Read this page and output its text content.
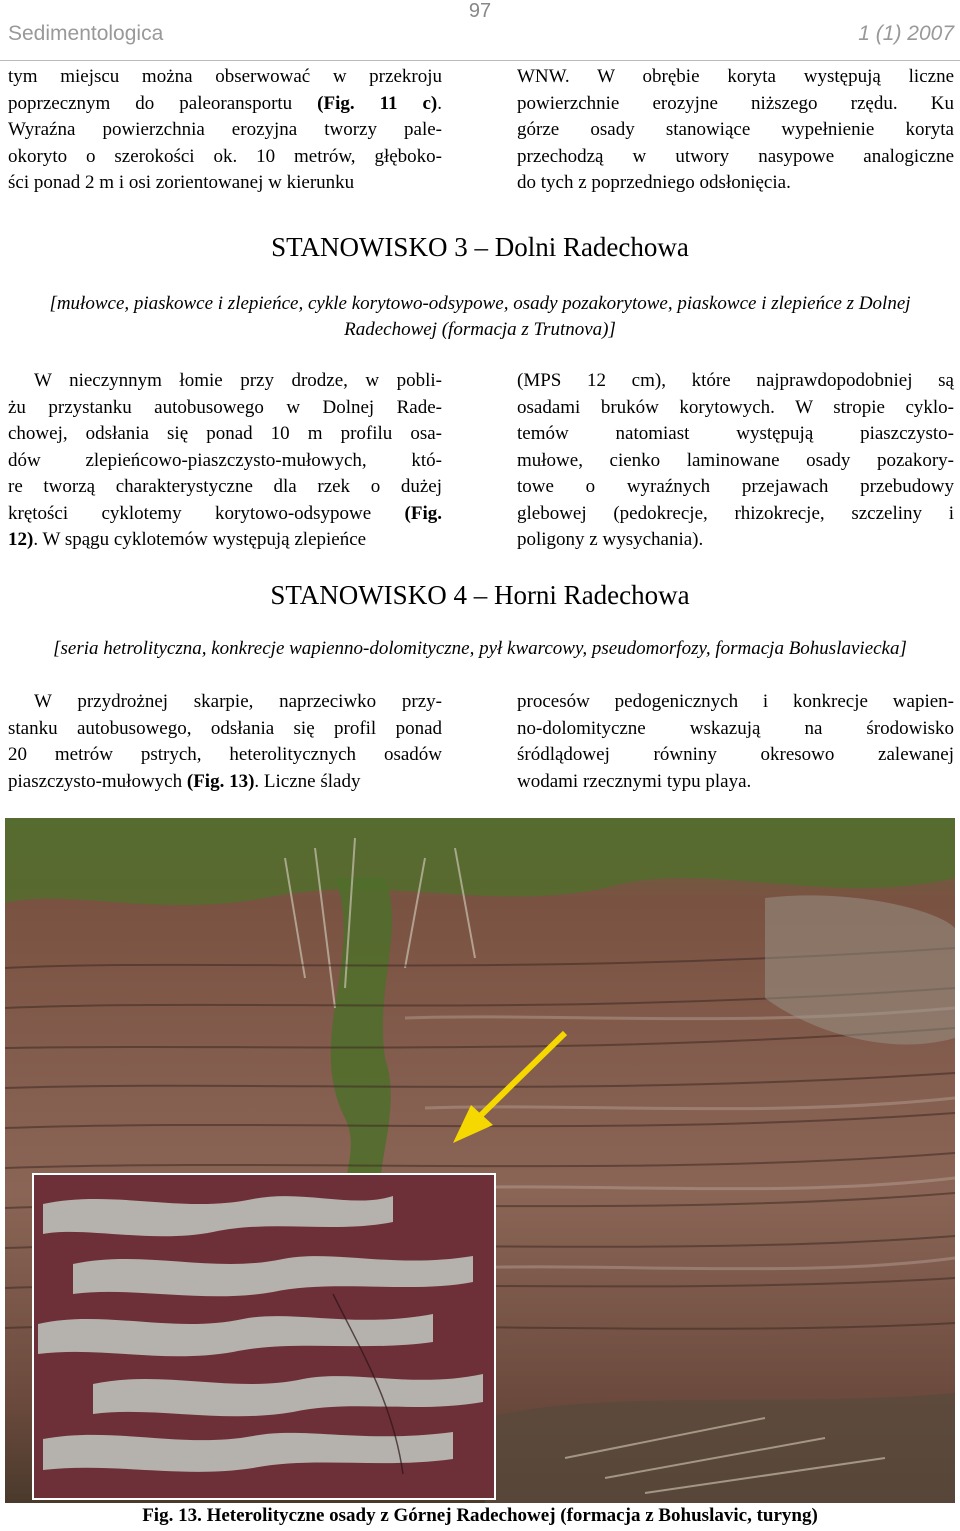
Sedimentologica
97
1 (1) 2007
tym miejscu można obserwować w przekroju
poprzecznym do paleoransportu (Fig. 11 c).
Wyraźna powierzchnia erozyjna tworzy pale-
okoryto o szerokości ok. 10 metrów, głęboko-
ści ponad 2 m i osi zorientowanej w kierunku
WNW. W obrębie koryta występują liczne
powierzchnie erozyjne niższego rzędu. Ku
górze osady stanowiące wypełnienie koryta
przechodzą w utwory nasypowe analogiczne
do tych z poprzedniego odsłonięcia.
STANOWISKO 3 – Dolni Radechowa
[mułowce, piaskowce i zlepieńce, cykle korytowo-odsypowe, osady pozakorytowe, piaskowce i zlepieńce z Dolnej Radechowej (formacja z Trutnova)]
W nieczynnym łomie przy drodze, w pobli-
żu przystanku autobusowego w Dolnej Rade-
chowej, odsłania się ponad 10 m profilu osa-
dów zlepieńcowo-piaszczysto-mułowych, któ-
re tworzą charakterystyczne dla rzek o dużej
krętości cyklotemy korytowo-odsypowe (Fig.
12). W spągu cyklotemów występują zlepieńce
(MPS 12 cm), które najprawdopodobniej są
osadami bruków korytowych. W stropie cyklo-
temów natomiast występują piaszczysto-
mułowe, cienko laminowane osady pozakory-
towe o wyraźnych przejawach przebudowy
glebowej (pedokrecje, rhizokrecje, szczeliny i
poligony z wysychania).
STANOWISKO 4 – Horni Radechowa
[seria hetrolityczna, konkrecje wapienno-dolomityczne, pył kwarcowy, pseudomorfozy, formacja Bohuslaviecka]
W przydrożnej skarpie, naprzeciwko przy-
stanku autobusowego, odsłania się profil ponad
20 metrów pstrych, heterolitycznych osadów
piaszczysto-mułowych (Fig. 13). Liczne ślady
procesów pedogenicznych i konkrecje wapien-
no-dolomityczne wskazują na środowisko
śródlądowej równiny okresowo zalewanej
wodami rzecznymi typu playa.
Fig. 13. Heterolityczne osady z Górnej Radechowej (formacja z Bohuslavic, turyng)
